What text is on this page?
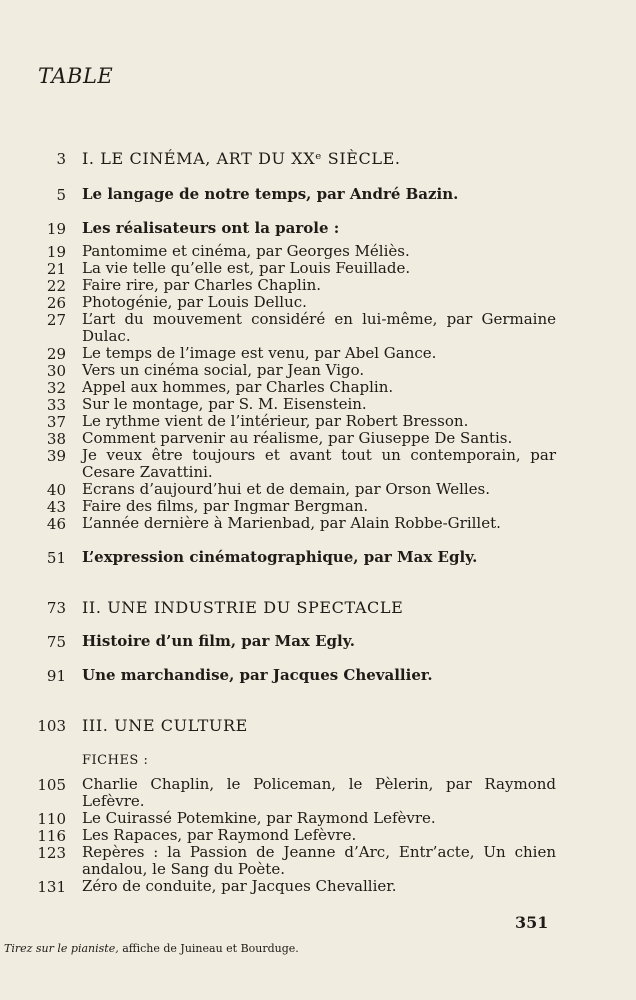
TABLE
3 I. LE CINÉMA, ART DU XXᵉ SIÈCLE.
5 Le langage de notre temps, par André Bazin.
19 Les réalisateurs ont la parole :
19 Pantomime et cinéma, par Georges Méliès.
21 La vie telle qu’elle est, par Louis Feuillade.
22 Faire rire, par Charles Chaplin.
26 Photogénie, par Louis Delluc.
27 L’art du mouvement considéré en lui-même, par Germaine
Dulac.
29 Le temps de l’image est venu, par Abel Gance.
30 Vers un cinéma social, par Jean Vigo.
32 Appel aux hommes, par Charles Chaplin.
33 Sur le montage, par S. M. Eisenstein.
37 Le rythme vient de l’intérieur, par Robert Bresson.
38 Comment parvenir au réalisme, par Giuseppe De Santis.
39 Je veux être toujours et avant tout un contemporain, par
Cesare Zavattini.
40 Ecrans d’aujourd’hui et de demain, par Orson Welles.
43 Faire des films, par Ingmar Bergman.
46 L’année dernière à Marienbad, par Alain Robbe-Grillet.
51 L’expression cinématographique, par Max Egly.
73 II. UNE INDUSTRIE DU SPECTACLE
75 Histoire d’un film, par Max Egly.
91 Une marchandise, par Jacques Chevallier.
103 III. UNE CULTURE
FICHES :
105 Charlie Chaplin, le Policeman, le Pèlerin, par Raymond
Lefèvre.
110 Le Cuirassé Potemkine, par Raymond Lefèvre.
116 Les Rapaces, par Raymond Lefèvre.
123 Repères : la Passion de Jeanne d’Arc, Entr’acte, Un chien
andalou, le Sang du Poète.
131 Zéro de conduite, par Jacques Chevallier.
351
Tirez sur le pianiste, affiche de Juineau et Bourduge.
